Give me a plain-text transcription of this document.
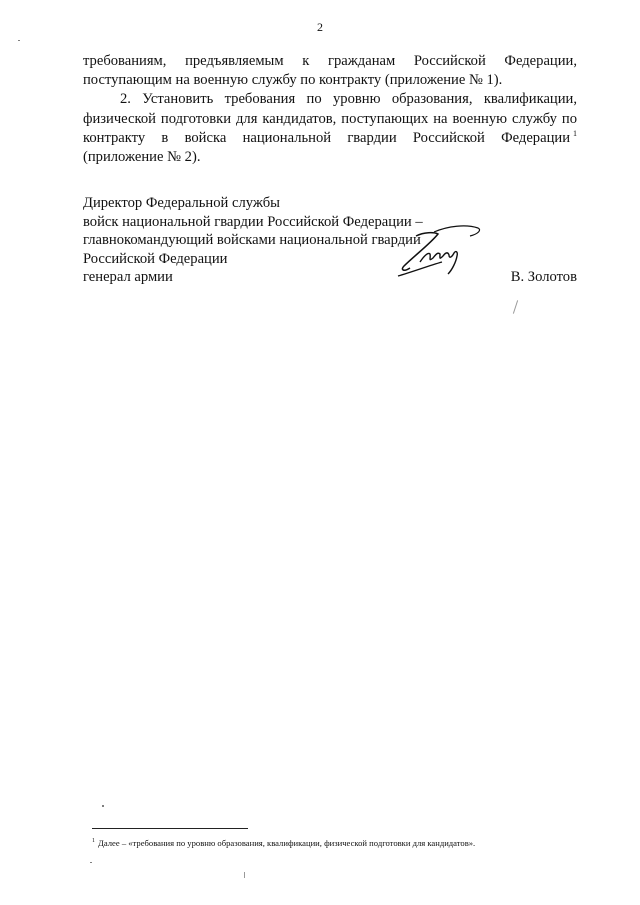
2

требованиям, предъявляемым к гражданам Российской Федерации, поступающим на военную службу по контракту (приложение № 1).

2. Установить требования по уровню образования, квалификации, физической подготовки для кандидатов, поступающих на военную службу по контракту в войска национальной гвардии Российской Федерации $^1$ (приложение № 2).

Директор Федеральной службы
войск национальной гвардии Российской Федерации –
главнокомандующий войсками национальной гвардии
Российской Федерации
генерал армии	В. Золотов
$^1$ Далее – «требования по уровню образования, квалификации, физической подготовки для кандидатов».
